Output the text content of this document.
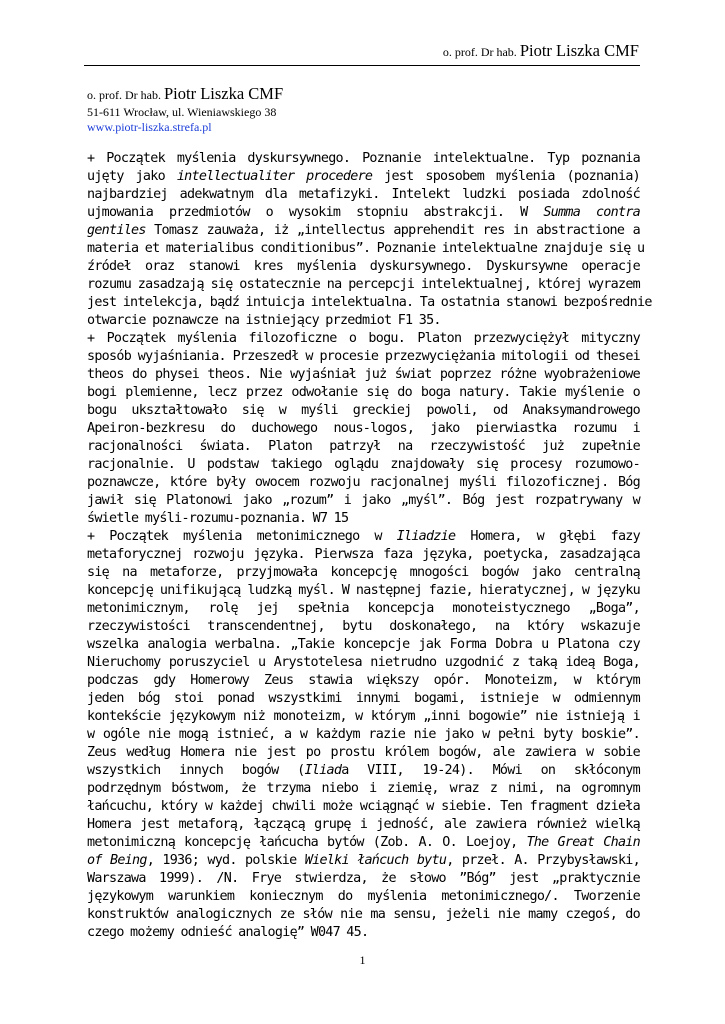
o. prof. Dr hab. Piotr Liszka CMF
o. prof. Dr hab. Piotr Liszka CMF
51-611 Wrocław, ul. Wieniawskiego 38
www.piotr-liszka.strefa.pl
+ Początek myślenia dyskursywnego. Poznanie intelektualne. Typ poznania
ujęty jako intellectualiter procedere jest sposobem myślenia (poznania)
najbardziej adekwatnym dla metafizyki. Intelekt ludzki posiada zdolność
ujmowania przedmiotów o wysokim stopniu abstrakcji. W Summa contra
gentiles Tomasz zauważa, iż „intellectus apprehendit res in abstractione a
materia et materialibus conditionibus”. Poznanie intelektualne znajduje się u
źródeł oraz stanowi kres myślenia dyskursywnego. Dyskursywne operacje
rozumu zasadzają się ostatecznie na percepcji intelektualnej, której wyrazem
jest intelekcja, bądź intuicja intelektualna. Ta ostatnia stanowi bezpośrednie
otwarcie poznawcze na istniejący przedmiot F1 35.
+ Początek myślenia filozoficzne o bogu. Platon przezwyciężył mityczny
sposób wyjaśniania. Przeszedł w procesie przezwyciężania mitologii od thesei
theos do physei theos. Nie wyjaśniał już świat poprzez różne wyobrażeniowe
bogi plemienne, lecz przez odwołanie się do boga natury. Takie myślenie o
bogu ukształtowało się w myśli greckiej powoli, od Anaksymandrowego
Apeiron-bezkresu do duchowego nous-logos, jako pierwiastka rozumu i
racjonalności świata. Platon patrzył na rzeczywistość już zupełnie
racjonalnie. U podstaw takiego oglądu znajdowały się procesy rozumowo-
poznawcze, które były owocem rozwoju racjonalnej myśli filozoficznej. Bóg
jawił się Platonowi jako „rozum” i jako „myśl”. Bóg jest rozpatrywany w
świetle myśli-rozumu-poznania. W7 15
+ Początek myślenia metonimicznego w Iliadzie Homera, w głębi fazy
metaforycznej rozwoju języka. Pierwsza faza języka, poetycka, zasadzająca
się na metaforze, przyjmowała koncepcję mnogości bogów jako centralną
koncepcję unifikującą ludzką myśl. W następnej fazie, hieratycznej, w języku
metonimicznym, rolę jej spełnia koncepcja monoteistycznego „Boga”,
rzeczywistości transcendentnej, bytu doskonałego, na który wskazuje
wszelka analogia werbalna. „Takie koncepcje jak Forma Dobra u Platona czy
Nieruchomy poruszyciel u Arystotelesa nietrudno uzgodnić z taką ideą Boga,
podczas gdy Homerowy Zeus stawia większy opór. Monoteizm, w którym
jeden bóg stoi ponad wszystkimi innymi bogami, istnieje w odmiennym
kontekście językowym niż monoteizm, w którym „inni bogowie” nie istnieją i
w ogóle nie mogą istnieć, a w każdym razie nie jako w pełni byty boskie”.
Zeus według Homera nie jest po prostu królem bogów, ale zawiera w sobie
wszystkich innych bogów (Iliada VIII, 19-24). Mówi on skłóconym
podrzędnym bóstwom, że trzyma niebo i ziemię, wraz z nimi, na ogromnym
łańcuchu, który w każdej chwili może wciągnąć w siebie. Ten fragment dzieła
Homera jest metaforą, łączącą grupę i jedność, ale zawiera również wielką
metonimiczną koncepcję łańcucha bytów (Zob. A. O. Loejoy, The Great Chain
of Being, 1936; wyd. polskie Wielki łańcuch bytu, przeł. A. Przybysławski,
Warszawa 1999). /N. Frye stwierdza, że słowo ”Bóg” jest „praktycznie
językowym warunkiem koniecznym do myślenia metonimicznego/. Tworzenie
konstruktów analogicznych ze słów nie ma sensu, jeżeli nie mamy czegoś, do
czego możemy odnieść analogię” W047 45.
1
